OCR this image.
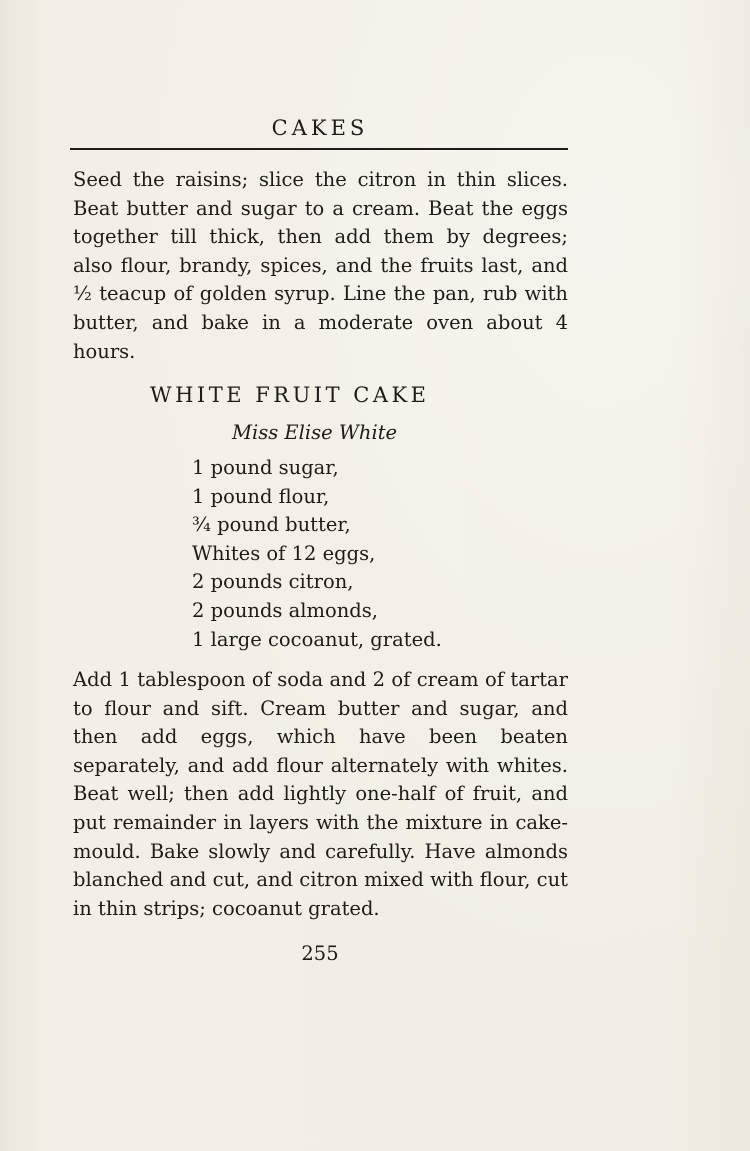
CAKES

Seed the raisins; slice the citron in thin slices. Beat butter and sugar to a cream. Beat the eggs together till thick, then add them by degrees; also flour, brandy, spices, and the fruits last, and ½ teacup of golden syrup. Line the pan, rub with butter, and bake in a moderate oven about 4 hours.

WHITE FRUIT CAKE
Miss Elise White
1 pound sugar,
1 pound flour,
¾ pound butter,
Whites of 12 eggs,
2 pounds citron,
2 pounds almonds,
1 large cocoanut, grated.

Add 1 tablespoon of soda and 2 of cream of tartar to flour and sift. Cream butter and sugar, and then add eggs, which have been beaten separately, and add flour alternately with whites. Beat well; then add lightly one-half of fruit, and put remainder in layers with the mixture in cake-mould. Bake slowly and carefully. Have almonds blanched and cut, and citron mixed with flour, cut in thin strips; cocoanut grated.

255
